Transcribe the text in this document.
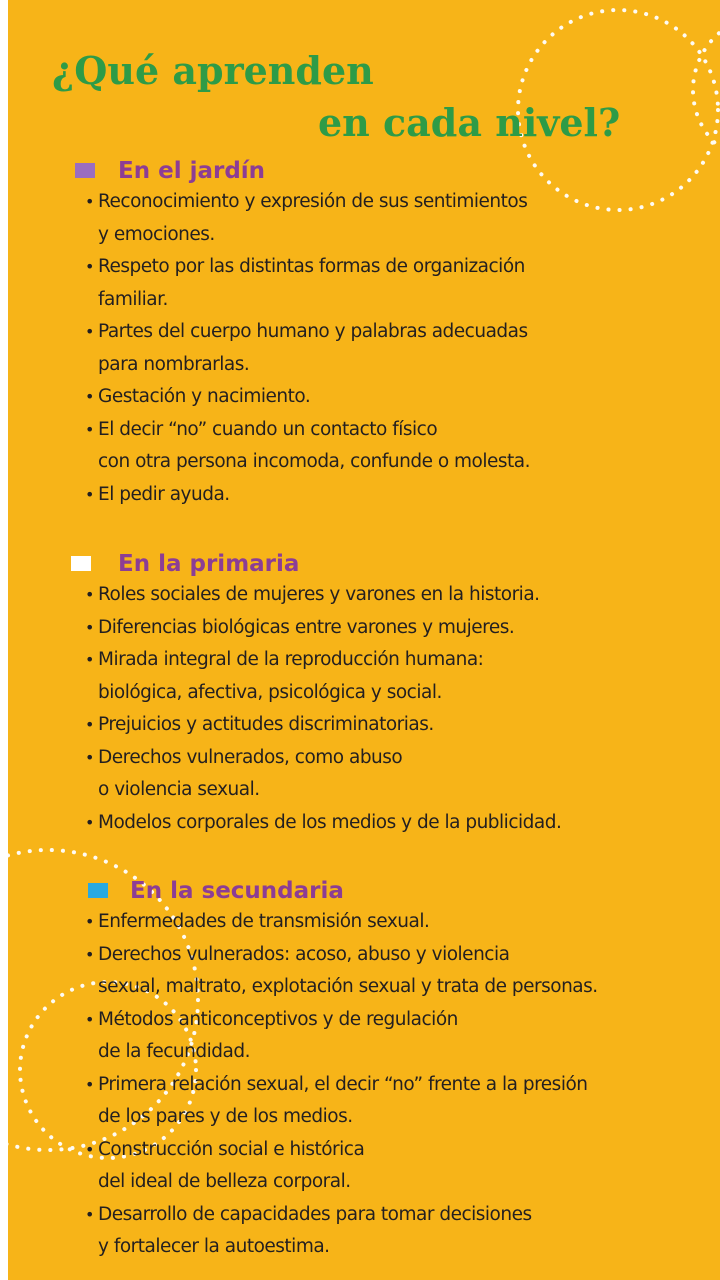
¿Qué aprenden
en cada nivel?
En el jardín
• Reconocimiento y expresión de sus sentimientos
y emociones.
• Respeto por las distintas formas de organización
familiar.
• Partes del cuerpo humano y palabras adecuadas
para nombrarlas.
• Gestación y nacimiento.
• El decir “no” cuando un contacto físico
con otra persona incomoda, confunde o molesta.
• El pedir ayuda.
En la primaria
• Roles sociales de mujeres y varones en la historia.
• Diferencias biológicas entre varones y mujeres.
• Mirada integral de la reproducción humana:
biológica, afectiva, psicológica y social.
• Prejuicios y actitudes discriminatorias.
• Derechos vulnerados, como abuso
o violencia sexual.
• Modelos corporales de los medios y de la publicidad.
En la secundaria
• Enfermedades de transmisión sexual.
• Derechos vulnerados: acoso, abuso y violencia
sexual, maltrato, explotación sexual y trata de personas.
• Métodos anticonceptivos y de regulación
de la fecundidad.
• Primera relación sexual, el decir “no” frente a la presión
de los pares y de los medios.
• Construcción social e histórica
del ideal de belleza corporal.
• Desarrollo de capacidades para tomar decisiones
y fortalecer la autoestima.
